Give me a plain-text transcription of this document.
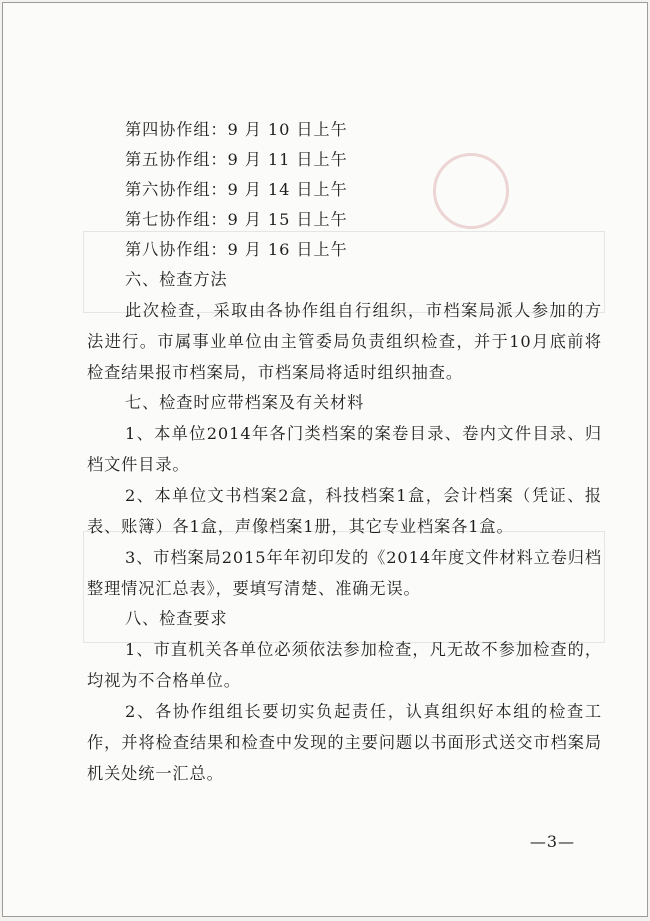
第四协作组：9 月 10 日上午
第五协作组：9 月 11 日上午
第六协作组：9 月 14 日上午
第七协作组：9 月 15 日上午
第八协作组：9 月 16 日上午
六、检查方法
此次检查，采取由各协作组自行组织，市档案局派人参加的方法进行。市属事业单位由主管委局负责组织检查，并于10月底前将检查结果报市档案局，市档案局将适时组织抽查。
七、检查时应带档案及有关材料
1、本单位2014年各门类档案的案卷目录、卷内文件目录、归档文件目录。
2、本单位文书档案2盒，科技档案1盒，会计档案（凭证、报表、账簿）各1盒，声像档案1册，其它专业档案各1盒。
3、市档案局2015年年初印发的《2014年度文件材料立卷归档整理情况汇总表》，要填写清楚、准确无误。
八、检查要求
1、市直机关各单位必须依法参加检查，凡无故不参加检查的，均视为不合格单位。
2、各协作组组长要切实负起责任，认真组织好本组的检查工作，并将检查结果和检查中发现的主要问题以书面形式送交市档案局机关处统一汇总。
—3—
